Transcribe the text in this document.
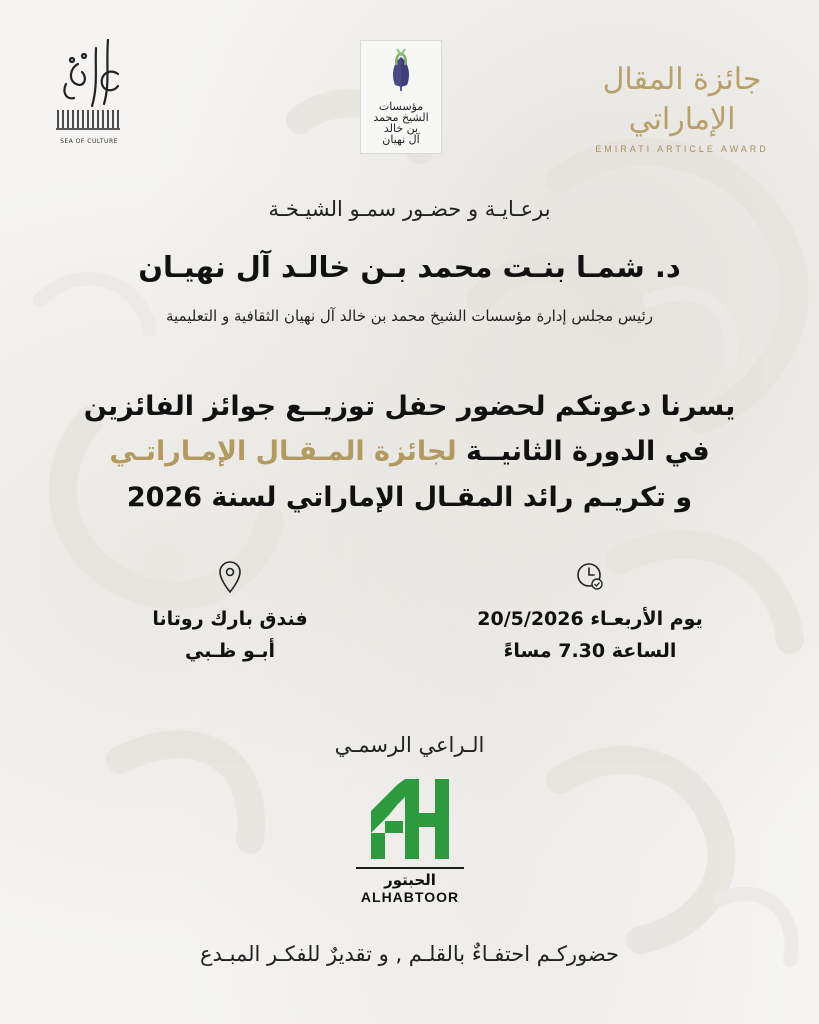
SEA OF CULTURE
مؤسسات
الشيخ محمد
بن خالد
آل نهيان
جائزة المقال الإماراتي
EMIRATI ARTICLE AWARD
برعـايـة و حضـور سمـو الشيـخـة
د. شمـا بنـت محمد بـن خالـد آل نهيـان
رئيس مجلس إدارة مؤسسات الشيخ محمد بن خالد آل نهيان الثقافية و التعليمية
يسرنا دعوتكم لحضور حفل توزيــع جوائز الفائزين
في الدورة الثانيــة لجائزة المـقـال الإمـاراتـي
و تكريـم رائد المقـال الإماراتي لسنة 2026
يوم الأربعـاء 20/5/2026
الساعة 7.30 مساءً
فندق بارك روتانا
أبـو ظـبي
الـراعي الرسمـي
الحبتور
ALHABTOOR
حضوركـم احتفـاءٌ بالقلـم , و تقديرٌ للفكـر المبـدع
